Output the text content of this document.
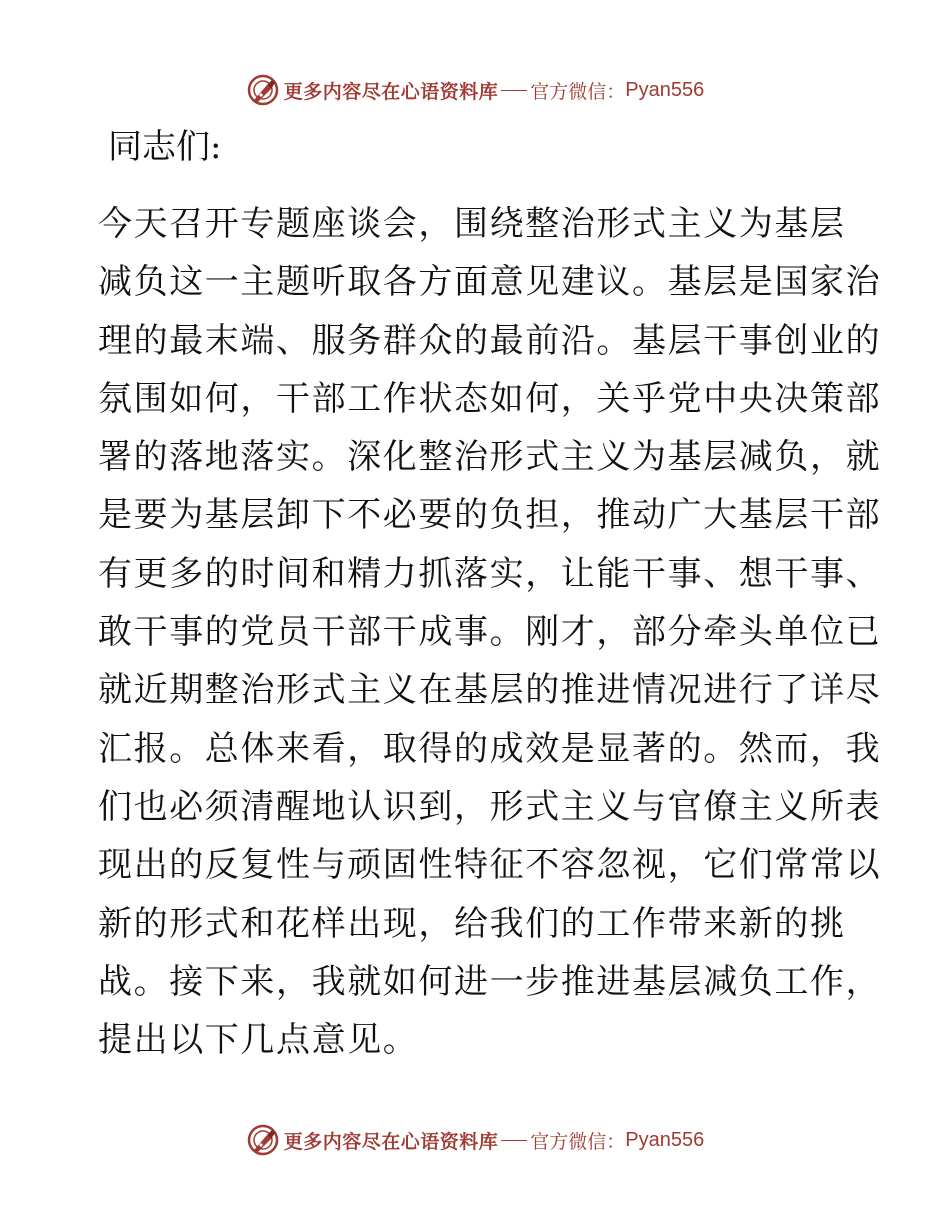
更多内容尽在心语资料库 官方微信： Pyan556
同志们:
今天召开专题座谈会，围绕整治形式主义为基层
减负这一主题听取各方面意见建议。基层是国家治
理的最末端、服务群众的最前沿。基层干事创业的
氛围如何，干部工作状态如何，关乎党中央决策部
署的落地落实。深化整治形式主义为基层减负，就
是要为基层卸下不必要的负担，推动广大基层干部
有更多的时间和精力抓落实，让能干事、想干事、
敢干事的党员干部干成事。刚才，部分牵头单位已
就近期整治形式主义在基层的推进情况进行了详尽
汇报。总体来看，取得的成效是显著的。然而，我
们也必须清醒地认识到，形式主义与官僚主义所表
现出的反复性与顽固性特征不容忽视，它们常常以
新的形式和花样出现，给我们的工作带来新的挑
战。接下来，我就如何进一步推进基层减负工作，
提出以下几点意见。
更多内容尽在心语资料库 官方微信： Pyan556
